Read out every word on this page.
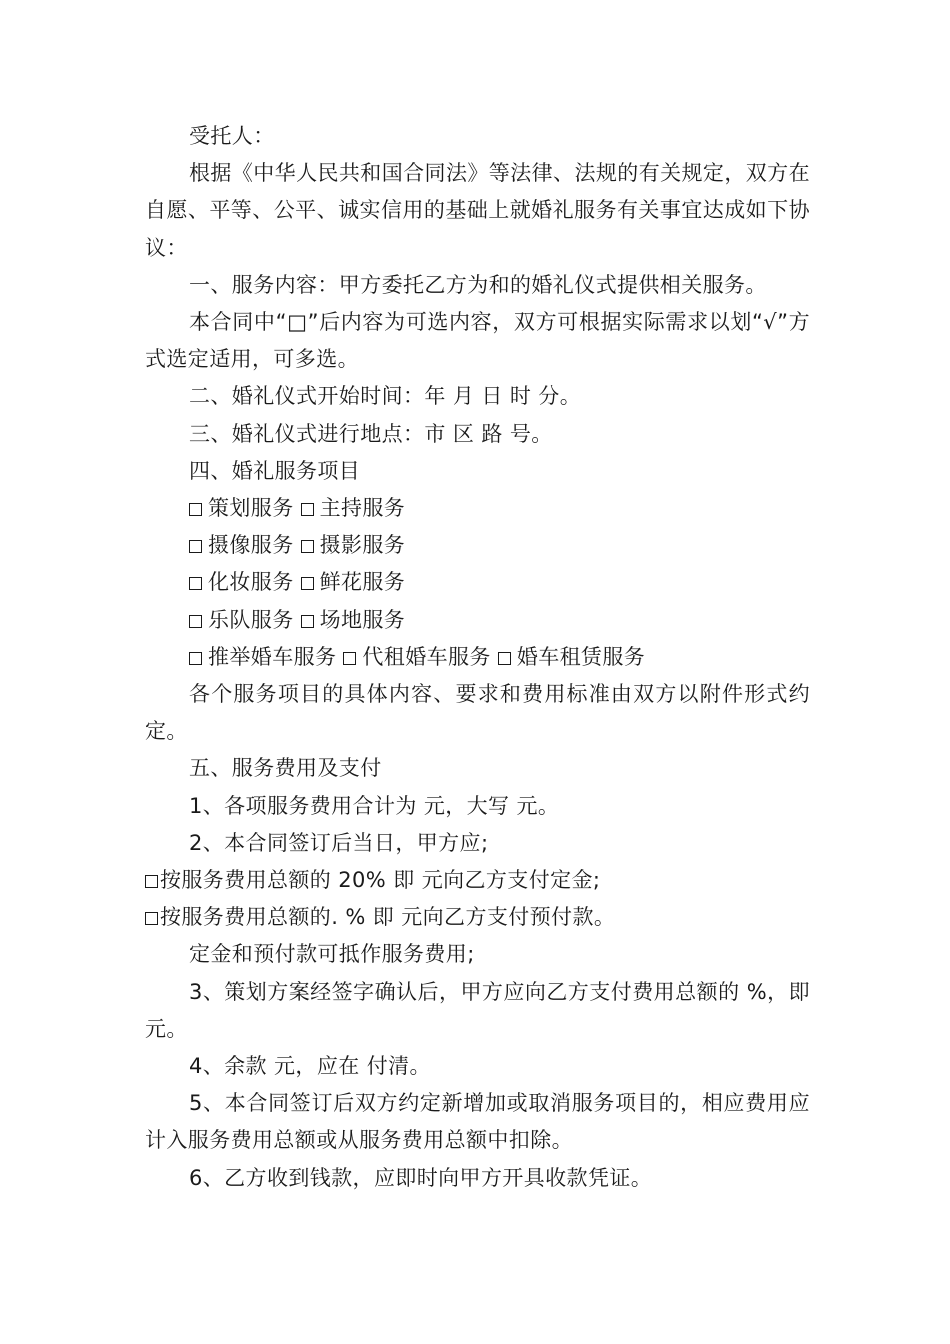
受托人：

根据《中华人民共和国合同法》等法律、法规的有关规定，双方在自愿、平等、公平、诚实信用的基础上就婚礼服务有关事宜达成如下协议：

一、服务内容：甲方委托乙方为和的婚礼仪式提供相关服务。

本合同中“□”后内容为可选内容，双方可根据实际需求以划“√”方式选定适用，可多选。

二、婚礼仪式开始时间：年 月 日 时 分。

三、婚礼仪式进行地点：市 区 路 号。

四、婚礼服务项目

策划服务 主持服务

摄像服务 摄影服务

化妆服务 鲜花服务

乐队服务 场地服务

推举婚车服务 代租婚车服务 婚车租赁服务

各个服务项目的具体内容、要求和费用标准由双方以附件形式约定。

五、服务费用及支付

1、各项服务费用合计为 元，大写 元。

2、本合同签订后当日，甲方应;

按服务费用总额的 20% 即 元向乙方支付定金;

按服务费用总额的. % 即 元向乙方支付预付款。

定金和预付款可抵作服务费用;

3、策划方案经签字确认后，甲方应向乙方支付费用总额的 %，即 元。

4、余款 元，应在 付清。

5、本合同签订后双方约定新增加或取消服务项目的，相应费用应计入服务费用总额或从服务费用总额中扣除。

6、乙方收到钱款，应即时向甲方开具收款凭证。
